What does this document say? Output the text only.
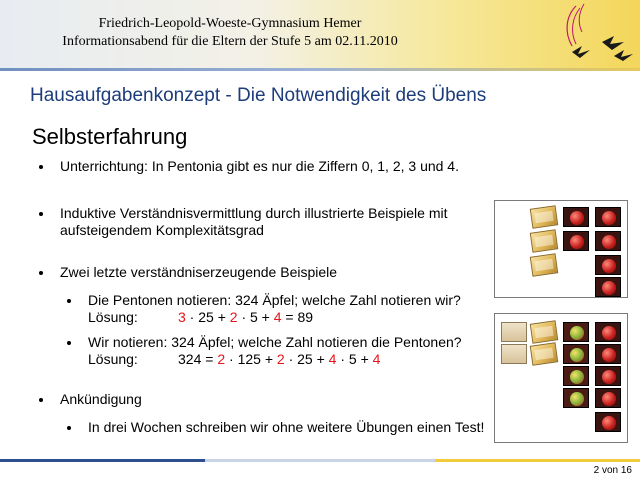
Friedrich-Leopold-Woeste-Gymnasium Hemer
Informationsabend für die Eltern der Stufe 5 am 02.11.2010
Hausaufgabenkonzept - Die Notwendigkeit des Übens
Selbsterfahrung
Unterrichtung: In Pentonia gibt es nur die Ziffern 0, 1, 2, 3 und 4.
Induktive Verständnisvermittlung durch illustrierte Beispiele mit aufsteigendem Komplexitätsgrad
Zwei letzte verständniserzeugende Beispiele
Die Pentonen notieren: 324 Äpfel; welche Zahl notieren wir?
Lösung:	3 · 25 + 2 · 5 + 4 = 89
Wir notieren: 324 Äpfel; welche Zahl notieren die Pentonen?
Lösung:	324 = 2 · 125 + 2 · 25 + 4 · 5 + 4
Ankündigung
In drei Wochen schreiben wir ohne weitere Übungen einen Test!
2 von 16
